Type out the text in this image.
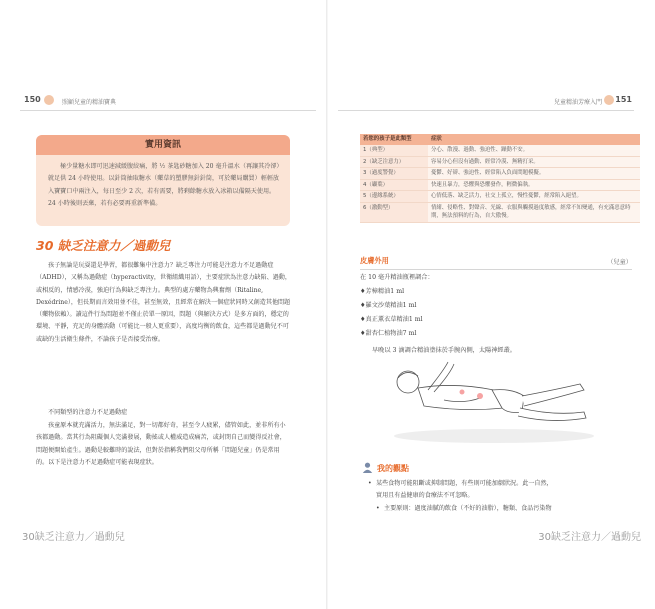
150	照顧兒童的精油寶典
實用資訊

極少量糖水即可迅速減緩腹絞痛，將 ½ 茶匙砂糖加入 20 毫升溫水（再讓其冷卻）就足供 24 小時使用。以針筒抽取糖水（藥草的塑膠無針針筒，可於藥局購買）輕輕放入寶寶口中兩注入，每日至少 2 次，若有需要，將剩餘糖水放入冰箱以備隔天使用。24 小時後則丟棄，若有必要再重新準備。

30 缺乏注意力／過動兒

孩子無論是玩耍還是學習，都很難集中注意力？缺乏專注力可能是注意力不足過動症（ADHD），又稱為過動症（hyperactivity，世衛組織用語），主要症狀為注意力缺陷、過動，或相反的，情感冷漠，強迫行為與缺乏專注力。典型的處方藥物為興奮劑（Ritaline, Dexédrine），但長期而言效用並不佳，甚至無效，且經常在解決一個症狀同時又創造其他問題（藥物依賴）。讀這件行為問題並不僅止於單一原因，問題（與解決方式）是多方面的，穩定的環境、平靜，充足的身體活動（可能比一般人更重要），高度均衡的飲食，這些都是過動兒不可或缺的生活衛生條件，不論孩子是否接受治療。

不同類型的注意力不足過動症

孩童原本就充滿活力，無法滿足，對一切都好奇，甚至令人疲累，儘管如此，並非所有小孩都過動。當其行為阻礙個人完滿發展，動搖或人權威造成痛苦，或封閉自己而變得反社會，問題便開始產生。過動是較難時的說法，但對於指稱我們阻父母所稱「問題兒童」仍是常用的。以下是注意力不足過動症可能表現症狀。

30缺乏注意力／過動兒
兒童精油芳療入門 151
若您的孩子是此類型	症狀
1（典型）	分心、散漫、過動、強迫性、躁動不安。
2（缺乏注意力）	容易分心但沒有過動、經常冷漠、無精打采。
3（過度警覺）	憂鬱、好辯、強迫性、經常陷入負面問題模擬。
4（顳葉）	快速且暴力，恐懼與恐懼發作，輕微偏執。
5（邊緣系統）	心情低落、缺乏活力，社交上孤立，慢性憂鬱，經常陷入絕望。
6（激動型）	情緒、侵略性、對聲音、光線、衣服與觸摸過度敏感，經常不知變通，有充滿惡意時期，無法預料的行為，自大傲慢。
皮膚外用	（兒童）

在 10 毫升精油瓶裡調合：

♦芳樟精油1 ml

♦羅文沙葉精油1 ml

♦真正薰衣草精油1 ml

♦甜杏仁植物油7 ml

早晚以 3 滴調合精油塗抹於手腕內側，太陽神經叢。

我的觀點
• 某些食物可能阻斷或抑制問題，有些則可能加劇狀況。此一自然，
實用且有益健康的食療法不可忽略。
• 主要原則：過度油膩的飲食（不好的油脂），糖類、食品污染物
30缺乏注意力／過動兒
